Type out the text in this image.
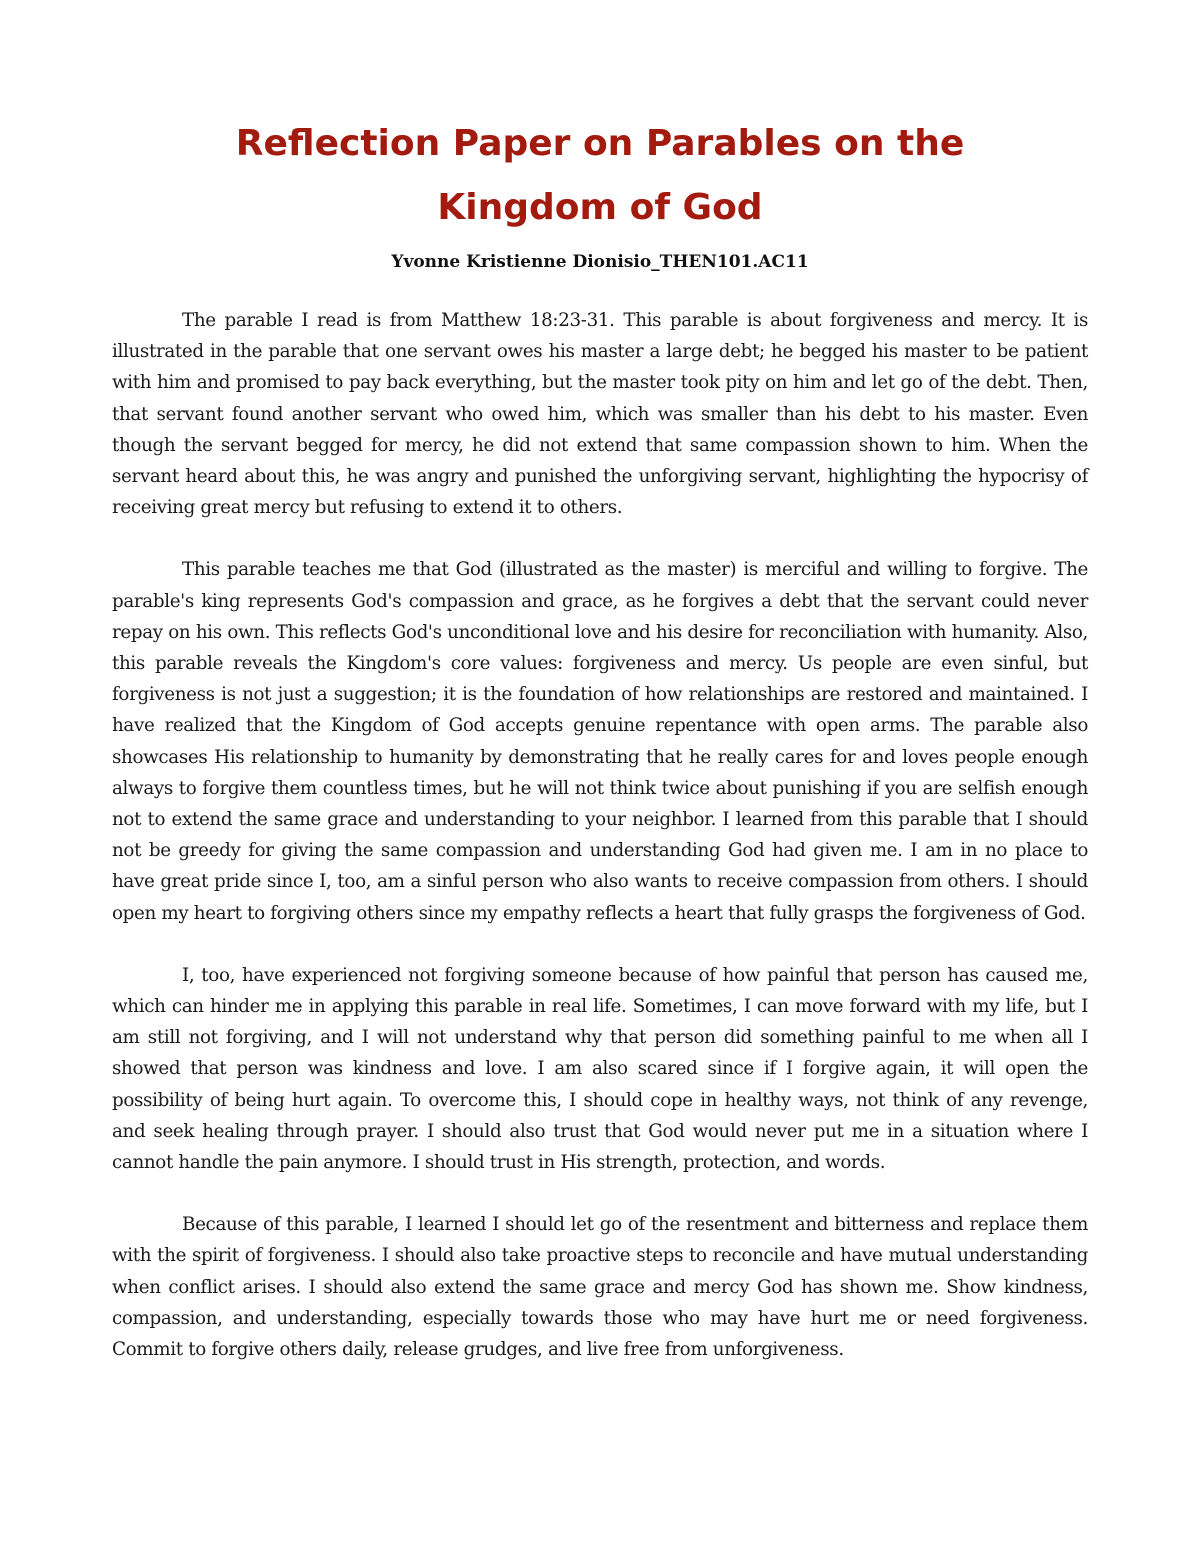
Reflection Paper on Parables on the
Kingdom of God

Yvonne Kristienne Dionisio_THEN101.AC11

The parable I read is from Matthew 18:23-31. This parable is about forgiveness and mercy. It is illustrated in the parable that one servant owes his master a large debt; he begged his master to be patient with him and promised to pay back everything, but the master took pity on him and let go of the debt. Then, that servant found another servant who owed him, which was smaller than his debt to his master. Even though the servant begged for mercy, he did not extend that same compassion shown to him. When the servant heard about this, he was angry and punished the unforgiving servant, highlighting the hypocrisy of receiving great mercy but refusing to extend it to others.

This parable teaches me that God (illustrated as the master) is merciful and willing to forgive. The parable's king represents God's compassion and grace, as he forgives a debt that the servant could never repay on his own. This reflects God's unconditional love and his desire for reconciliation with humanity. Also, this parable reveals the Kingdom's core values: forgiveness and mercy. Us people are even sinful, but forgiveness is not just a suggestion; it is the foundation of how relationships are restored and maintained. I have realized that the Kingdom of God accepts genuine repentance with open arms. The parable also showcases His relationship to humanity by demonstrating that he really cares for and loves people enough always to forgive them countless times, but he will not think twice about punishing if you are selfish enough not to extend the same grace and understanding to your neighbor. I learned from this parable that I should not be greedy for giving the same compassion and understanding God had given me. I am in no place to have great pride since I, too, am a sinful person who also wants to receive compassion from others. I should open my heart to forgiving others since my empathy reflects a heart that fully grasps the forgiveness of God.

I, too, have experienced not forgiving someone because of how painful that person has caused me, which can hinder me in applying this parable in real life. Sometimes, I can move forward with my life, but I am still not forgiving, and I will not understand why that person did something painful to me when all I showed that person was kindness and love. I am also scared since if I forgive again, it will open the possibility of being hurt again. To overcome this, I should cope in healthy ways, not think of any revenge, and seek healing through prayer. I should also trust that God would never put me in a situation where I cannot handle the pain anymore. I should trust in His strength, protection, and words.

Because of this parable, I learned I should let go of the resentment and bitterness and replace them with the spirit of forgiveness. I should also take proactive steps to reconcile and have mutual understanding when conflict arises. I should also extend the same grace and mercy God has shown me. Show kindness, compassion, and understanding, especially towards those who may have hurt me or need forgiveness. Commit to forgive others daily, release grudges, and live free from unforgiveness.
